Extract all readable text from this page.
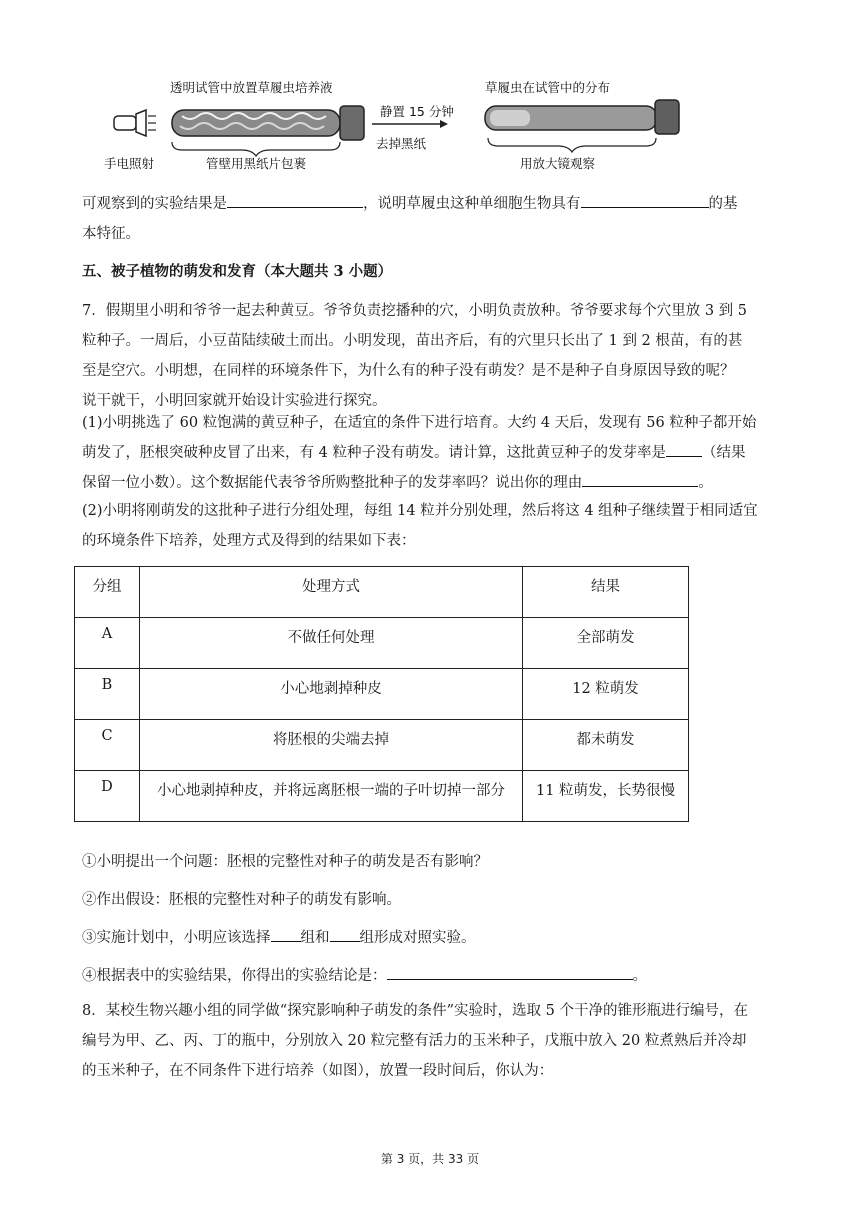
透明试管中放置草履虫培养液
手电照射	管壁用黑纸片包裹
静置 15 分钟
去掉黑纸
草履虫在试管中的分布
用放大镜观察
可观察到的实验结果是	，说明草履虫这种单细胞生物具有	的基
本特征。
五、被子植物的萌发和发育（本大题共 3 小题）
7．假期里小明和爷爷一起去种黄豆。爷爷负责挖播种的穴，小明负责放种。爷爷要求每个穴里放 3 到 5
粒种子。一周后，小豆苗陆续破土而出。小明发现，苗出齐后，有的穴里只长出了 1 到 2 根苗，有的甚
至是空穴。小明想，在同样的环境条件下，为什么有的种子没有萌发？是不是种子自身原因导致的呢？
说干就干，小明回家就开始设计实验进行探究。
(1)小明挑选了 60 粒饱满的黄豆种子，在适宜的条件下进行培育。大约 4 天后，发现有 56 粒种子都开始
萌发了，胚根突破种皮冒了出来，有 4 粒种子没有萌发。请计算，这批黄豆种子的发芽率是 （结果
保留一位小数）。这个数据能代表爷爷所购整批种子的发芽率吗？说出你的理由	。
(2)小明将刚萌发的这批种子进行分组处理，每组 14 粒并分别处理，然后将这 4 组种子继续置于相同适宜
的环境条件下培养，处理方式及得到的结果如下表：
分组	处理方式	结果
A	不做任何处理	全部萌发
B	小心地剥掉种皮	12 粒萌发
C	将胚根的尖端去掉	都未萌发
D	小心地剥掉种皮，并将远离胚根一端的子叶切掉一部分	11 粒萌发，长势很慢
①小明提出一个问题：胚根的完整性对种子的萌发是否有影响？
②作出假设：胚根的完整性对种子的萌发有影响。
③实施计划中，小明应该选择 组和 组形成对照实验。
④根据表中的实验结果，你得出的实验结论是：	。
8．某校生物兴趣小组的同学做“探究影响种子萌发的条件”实验时，选取 5 个干净的锥形瓶进行编号，在
编号为甲、乙、丙、丁的瓶中，分别放入 20 粒完整有活力的玉米种子，戊瓶中放入 20 粒煮熟后并冷却
的玉米种子，在不同条件下进行培养（如图），放置一段时间后，你认为：
第 3 页，共 33 页
